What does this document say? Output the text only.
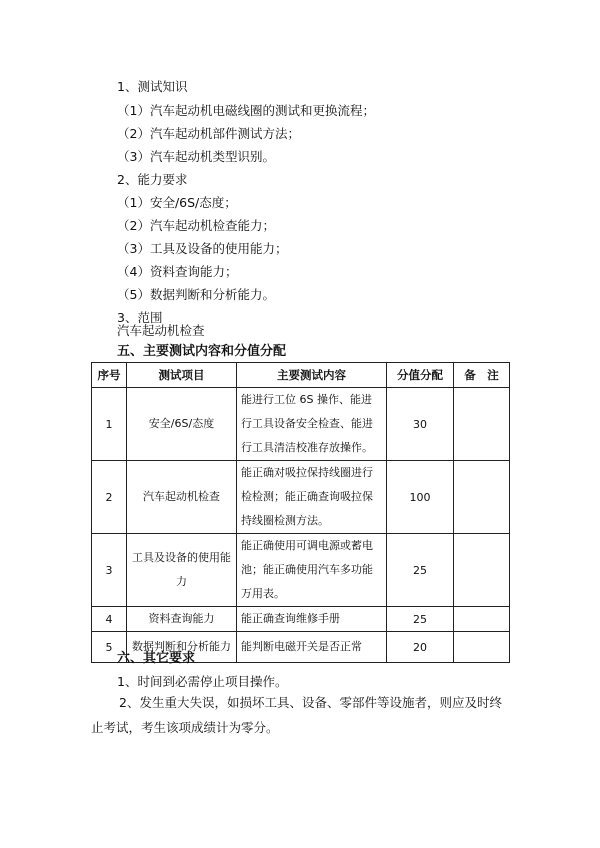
1、测试知识
（1）汽车起动机电磁线圈的测试和更换流程；
（2）汽车起动机部件测试方法；
（3）汽车起动机类型识别。
2、能力要求
（1）安全/6S/态度；
（2）汽车起动机检查能力；
（3）工具及设备的使用能力；
（4）资料查询能力；
（5）数据判断和分析能力。
3、范围
汽车起动机检查
五、主要测试内容和分值分配
序号	测试项目	主要测试内容	分值分配	备　注
1	安全/6S/态度	能进行工位 6S 操作、能进行工具设备安全检查、能进行工具清洁校准存放操作。	30	
2	汽车起动机检查	能正确对吸拉保持线圈进行检检测；能正确查询吸拉保持线圈检测方法。	100	
3	工具及设备的使用能力	能正确使用可调电源或蓄电池；能正确使用汽车多功能万用表。	25	
4	资料查询能力	能正确查询维修手册	25	
5	数据判断和分析能力	能判断电磁开关是否正常	20	
六、其它要求
1、时间到必需停止项目操作。
2、发生重大失误，如损坏工具、设备、零部件等设施者，则应及时终止考试，考生该项成绩计为零分。
